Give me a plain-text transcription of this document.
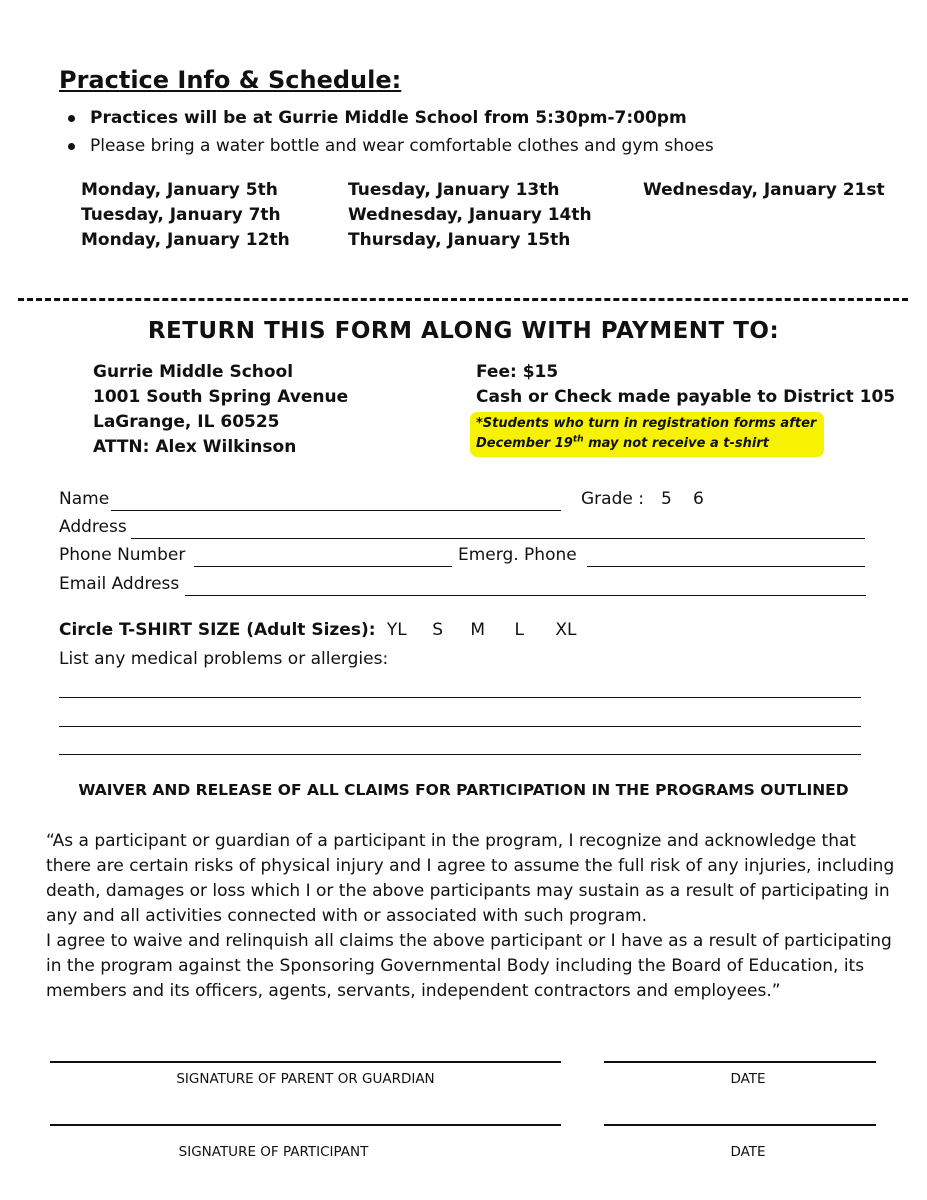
Practice Info & Schedule:
Practices will be at Gurrie Middle School from 5:30pm-7:00pm
Please bring a water bottle and wear comfortable clothes and gym shoes
Monday, January 5th
Tuesday, January 7th
Monday, January 12th
Tuesday, January 13th
Wednesday, January 14th
Thursday, January 15th
Wednesday, January 21st
RETURN THIS FORM ALONG WITH PAYMENT TO:
Gurrie Middle School
1001 South Spring Avenue
LaGrange, IL 60525
ATTN: Alex Wilkinson
Fee: $15
Cash or Check made payable to District 105
*Students who turn in registration forms after
December 19th may not receive a t-shirt
Name	Grade : 5 6
Address
Phone Number	Emerg. Phone
Email Address
Circle T-SHIRT SIZE (Adult Sizes): YL S M L XL
List any medical problems or allergies:
WAIVER AND RELEASE OF ALL CLAIMS FOR PARTICIPATION IN THE PROGRAMS OUTLINED

“As a participant or guardian of a participant in the program, I recognize and acknowledge that there are certain risks of physical injury and I agree to assume the full risk of any injuries, including death, damages or loss which I or the above participants may sustain as a result of participating in any and all activities connected with or associated with such program.

I agree to waive and relinquish all claims the above participant or I have as a result of participating in the program against the Sponsoring Governmental Body including the Board of Education, its members and its officers, agents, servants, independent contractors and employees.”

SIGNATURE OF PARENT OR GUARDIAN	DATE
SIGNATURE OF PARTICIPANT	DATE
